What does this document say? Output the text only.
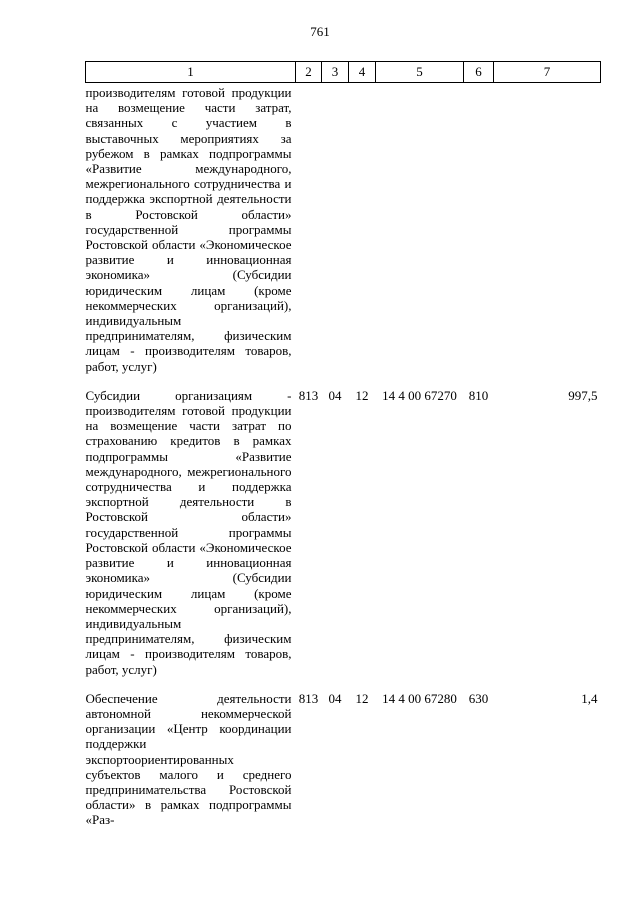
761
1	2	3	4	5	6	7
производителям готовой продукции на возмещение части затрат, связанных с участием в выставочных мероприятиях за рубежом в рамках подпрограммы «Развитие международного, межрегионального сотрудничества и поддержка экспортной деятельности в Ростовской области» государственной программы Ростовской области «Экономическое развитие и инновационная экономика» (Субсидии юридическим лицам (кроме некоммерческих организаций), индивидуальным предпринимателям, физическим лицам - производителям товаров, работ, услуг)						
Субсидии организациям - производителям готовой продукции на возмещение части затрат по страхованию кредитов в рамках подпрограммы «Развитие международного, межрегионального сотрудничества и поддержка экспортной деятельности в Ростовской области» государственной программы Ростовской области «Экономическое развитие и инновационная экономика» (Субсидии юридическим лицам (кроме некоммерческих организаций), индивидуальным предпринимателям, физическим лицам - производителям товаров, работ, услуг)	813	04	12	14 4 00 67270	810	997,5
Обеспечение деятельности автономной некоммерческой организации «Центр координации поддержки экспортоориентированных субъектов малого и среднего предпринимательства Ростовской области» в рамках подпрограммы «Раз-	813	04	12	14 4 00 67280	630	1,4
